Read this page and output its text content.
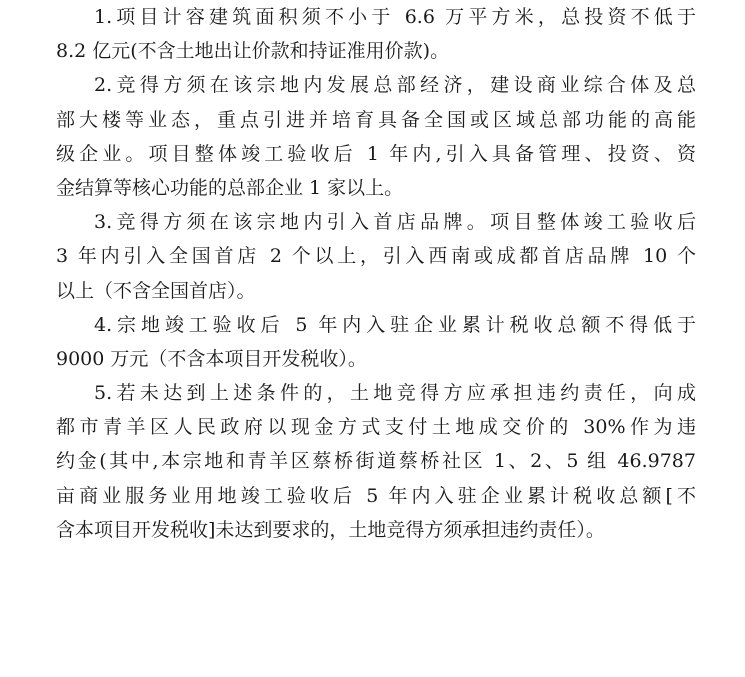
1.项目计容建筑面积须不小于 6.6 万平方米，总投资不低于
8.2 亿元(不含土地出让价款和持证准用价款)。
2.竞得方须在该宗地内发展总部经济，建设商业综合体及总
部大楼等业态，重点引进并培育具备全国或区域总部功能的高能
级企业。项目整体竣工验收后 1 年内,引入具备管理、投资、资
金结算等核心功能的总部企业 1 家以上。
3.竞得方须在该宗地内引入首店品牌。项目整体竣工验收后
3 年内引入全国首店 2 个以上，引入西南或成都首店品牌 10 个
以上（不含全国首店）。
4.宗地竣工验收后 5 年内入驻企业累计税收总额不得低于
9000 万元（不含本项目开发税收）。
5.若未达到上述条件的，土地竞得方应承担违约责任，向成
都市青羊区人民政府以现金方式支付土地成交价的 30%作为违
约金(其中,本宗地和青羊区蔡桥街道蔡桥社区 1、2、5 组 46.9787
亩商业服务业用地竣工验收后 5 年内入驻企业累计税收总额[不
含本项目开发税收]未达到要求的，土地竞得方须承担违约责任）。
